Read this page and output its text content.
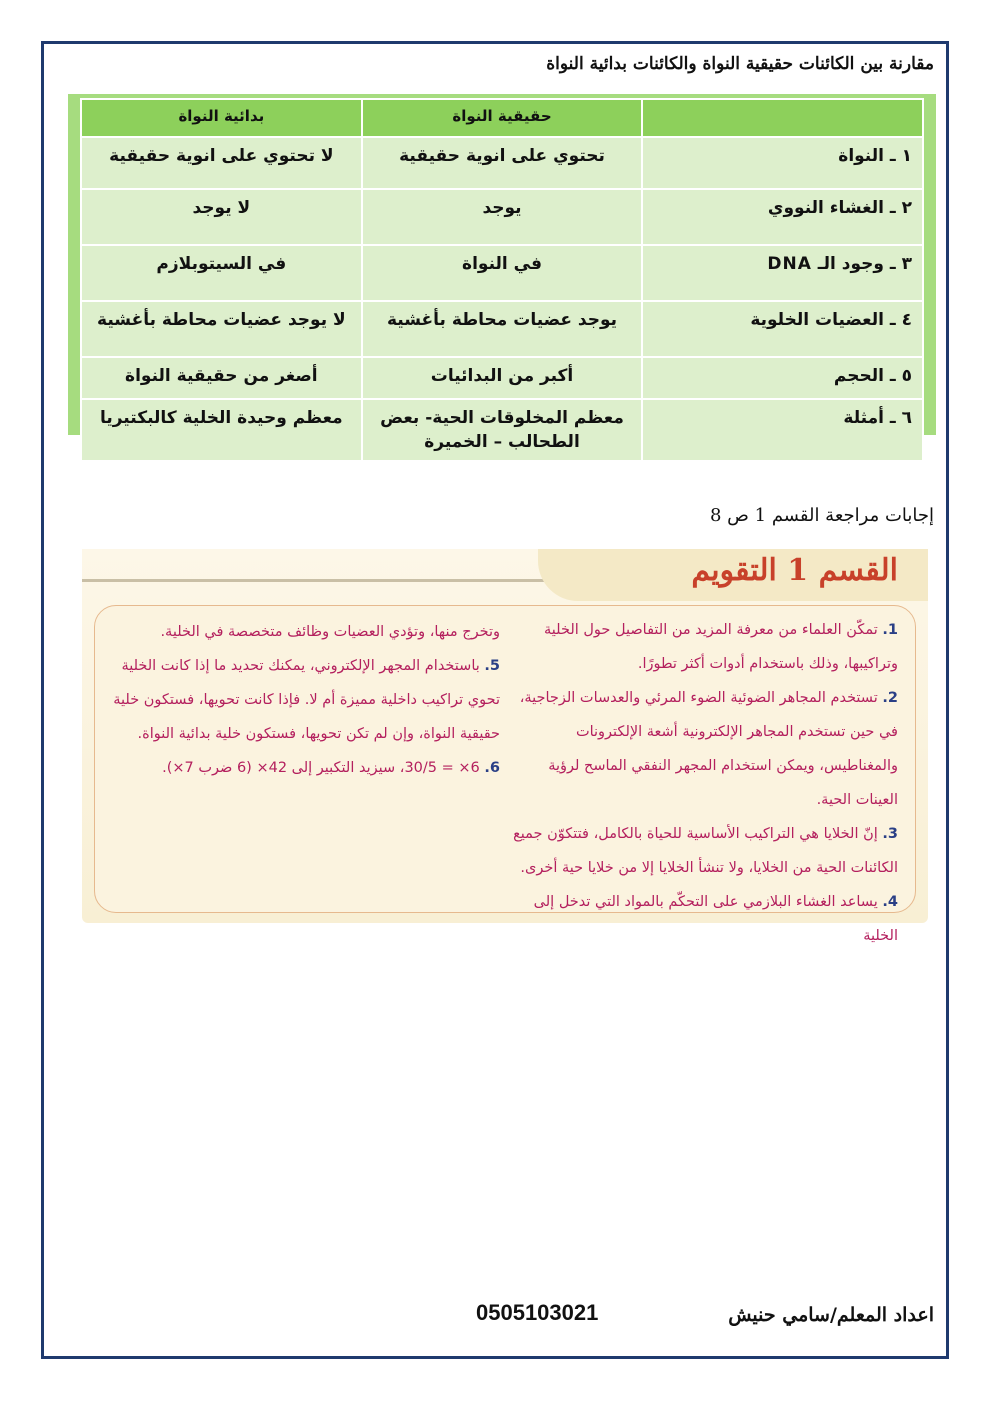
مقارنة بين الكائنات حقيقية النواة والكائنات بدائية النواة
	حقيقية النواة	بدائية النواة
١ ـ النواة	تحتوي على انوية حقيقية	لا تحتوي على انوية حقيقية
٢ ـ الغشاء النووي	يوجد	لا يوجد
٣ ـ وجود الـ DNA	في النواة	في السيتوبلازم
٤ ـ العضيات الخلوية	يوجد عضيات محاطة بأغشية	لا يوجد عضيات محاطة بأغشية
٥ ـ الحجم	أكبر من البدائيات	أصغر من حقيقية النواة
٦ ـ أمثلة	معظم المخلوقات الحية- بعض الطحالب – الخميرة	معظم وحيدة الخلية كالبكتيريا
إجابات مراجعة القسم 1 ص 8
القسم 1 التقويم

1. تمكّن العلماء من معرفة المزيد من التفاصيل حول الخلية وتراكيبها، وذلك باستخدام أدوات أكثر تطورًا.

2. تستخدم المجاهر الضوئية الضوء المرئي والعدسات الزجاجية، في حين تستخدم المجاهر الإلكترونية أشعة الإلكترونات والمغناطيس، ويمكن استخدام المجهر النفقي الماسح لرؤية العينات الحية.

3. إنّ الخلايا هي التراكيب الأساسية للحياة بالكامل، فتتكوّن جميع الكائنات الحية من الخلايا، ولا تنشأ الخلايا إلا من خلايا حية أخرى.

4. يساعد الغشاء البلازمي على التحكّم بالمواد التي تدخل إلى الخلية

وتخرج منها، وتؤدي العضيات وظائف متخصصة في الخلية.

5. باستخدام المجهر الإلكتروني، يمكنك تحديد ما إذا كانت الخلية تحوي تراكيب داخلية مميزة أم لا. فإذا كانت تحويها، فستكون خلية حقيقية النواة، وإن لم تكن تحويها، فستكون خلية بدائية النواة.

6. 6× = 30/5، سيزيد التكبير إلى 42× (6 ضرب 7×).

اعداد المعلم/سامي حنيش
0505103021
